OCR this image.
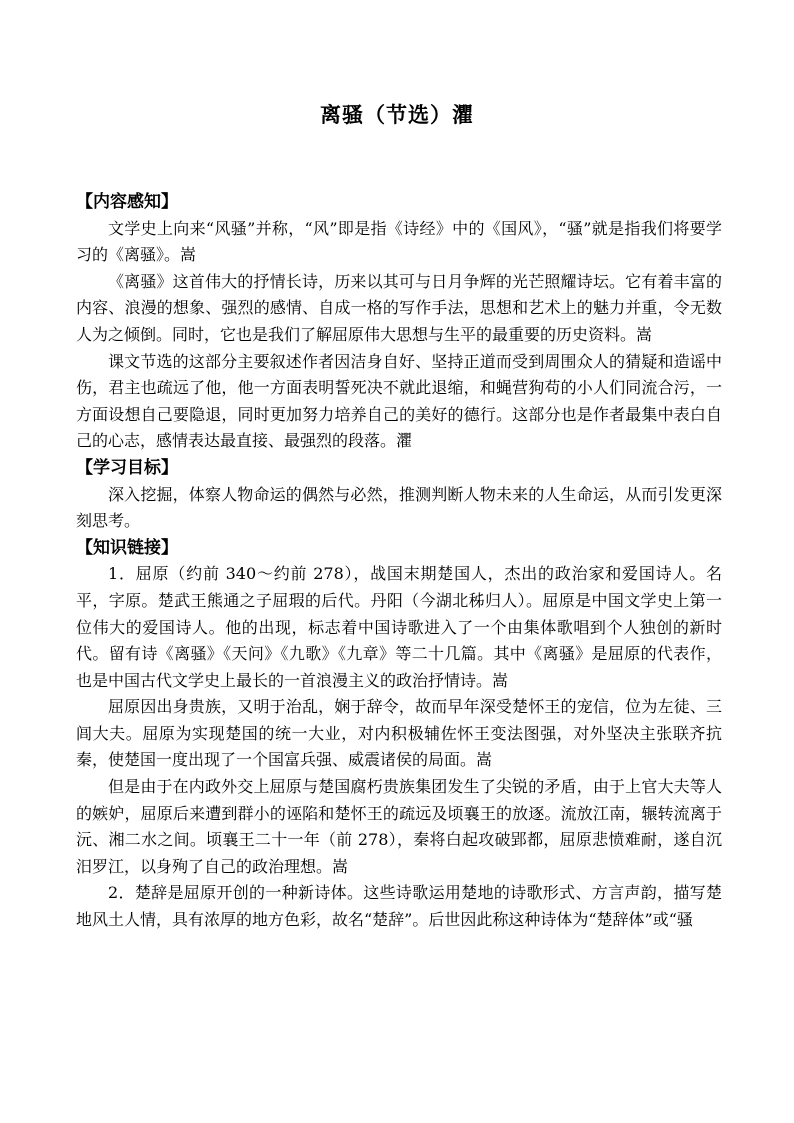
离骚（节选）灈
【内容感知】

文学史上向来“风骚”并称，“风”即是指《诗经》中的《国风》，“骚”就是指我们将要学习的《离骚》。嵩

《离骚》这首伟大的抒情长诗，历来以其可与日月争辉的光芒照耀诗坛。它有着丰富的内容、浪漫的想象、强烈的感情、自成一格的写作手法，思想和艺术上的魅力并重，令无数人为之倾倒。同时，它也是我们了解屈原伟大思想与生平的最重要的历史资料。嵩

课文节选的这部分主要叙述作者因洁身自好、坚持正道而受到周围众人的猜疑和造谣中伤，君主也疏远了他，他一方面表明誓死决不就此退缩，和蝇营狗苟的小人们同流合污，一方面设想自己要隐退，同时更加努力培养自己的美好的德行。这部分也是作者最集中表白自己的心志，感情表达最直接、最强烈的段落。灈

【学习目标】

深入挖掘，体察人物命运的偶然与必然，推测判断人物未来的人生命运，从而引发更深刻思考。

【知识链接】

1．屈原（约前 340～约前 278），战国末期楚国人，杰出的政治家和爱国诗人。名平，字原。楚武王熊通之子屈瑕的后代。丹阳（今湖北秭归人）。屈原是中国文学史上第一位伟大的爱国诗人。他的出现，标志着中国诗歌进入了一个由集体歌唱到个人独创的新时代。留有诗《离骚》《天问》《九歌》《九章》等二十几篇。其中《离骚》是屈原的代表作，也是中国古代文学史上最长的一首浪漫主义的政治抒情诗。嵩

屈原因出身贵族，又明于治乱，娴于辞令，故而早年深受楚怀王的宠信，位为左徒、三闾大夫。屈原为实现楚国的统一大业，对内积极辅佐怀王变法图强，对外坚决主张联齐抗秦，使楚国一度出现了一个国富兵强、威震诸侯的局面。嵩

但是由于在内政外交上屈原与楚国腐朽贵族集团发生了尖锐的矛盾，由于上官大夫等人的嫉妒，屈原后来遭到群小的诬陷和楚怀王的疏远及顷襄王的放逐。流放江南，辗转流离于沅、湘二水之间。顷襄王二十一年（前 278），秦将白起攻破郢都，屈原悲愤难耐，遂自沉汨罗江，以身殉了自己的政治理想。嵩

2．楚辞是屈原开创的一种新诗体。这些诗歌运用楚地的诗歌形式、方言声韵，描写楚地风土人情，具有浓厚的地方色彩，故名“楚辞”。后世因此称这种诗体为“楚辞体”或“骚
